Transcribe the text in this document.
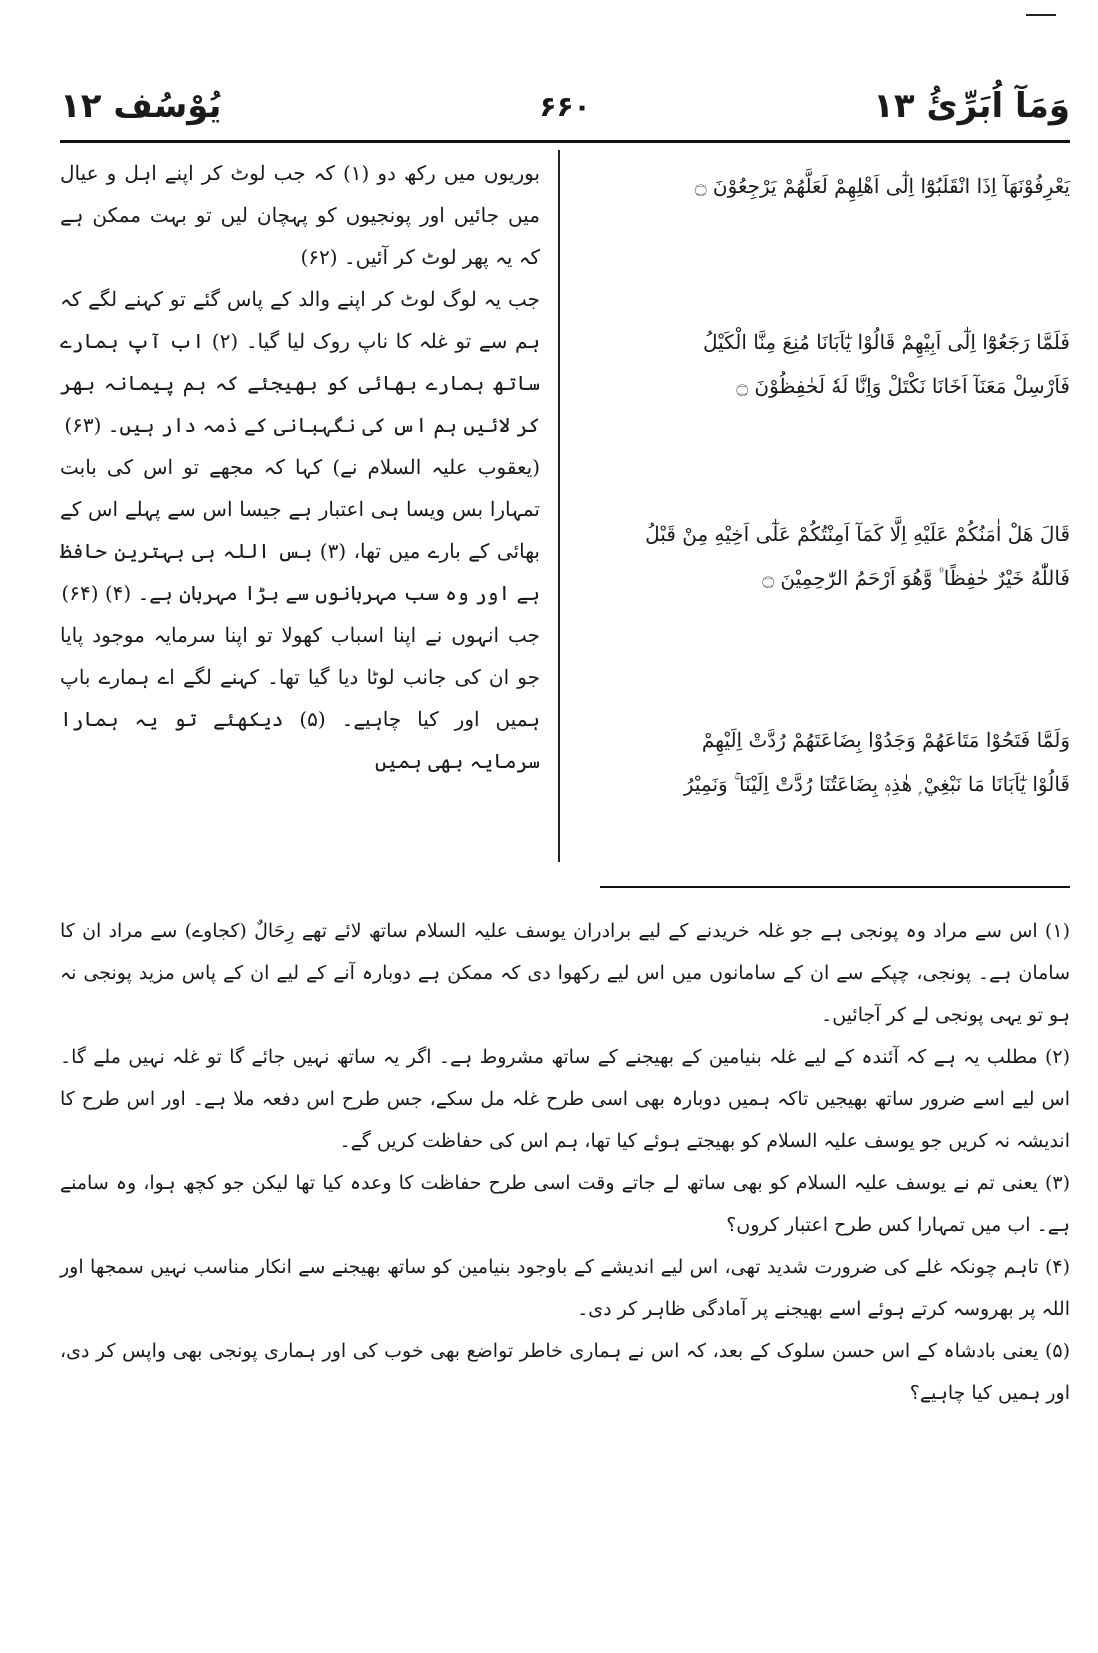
یُوْسُف ۱۲	۶۶۰	وَمَآ اُبَرِّئُ ۱۳
يَعْرِفُوْنَهَآ اِذَا انْقَلَبُوْٓا اِلٰٓى اَهْلِهِمْ لَعَلَّهُمْ يَرْجِعُوْنَ ۝
فَلَمَّا رَجَعُوْٓا اِلٰٓى اَبِيْهِمْ قَالُوْا يٰٓاَبَانَا مُنِعَ مِنَّا الْكَيْلُ
فَاَرْسِلْ مَعَنَآ اَخَانَا نَكْتَلْ وَاِنَّا لَهٗ لَحٰفِظُوْنَ ۝
قَالَ هَلْ اٰمَنُكُمْ عَلَيْهِ اِلَّا كَمَآ اَمِنْتُكُمْ عَلٰٓى اَخِيْهِ مِنْ قَبْلُ
فَاللّٰهُ خَيْرٌ حٰفِظًا ۠ وَّهُوَ اَرْحَمُ الرّٰحِمِيْنَ ۝
وَلَمَّا فَتَحُوْا مَتَاعَهُمْ وَجَدُوْا بِضَاعَتَهُمْ رُدَّتْ اِلَيْهِمْ
قَالُوْا يٰٓاَبَانَا مَا نَبْغِيْ ۭ هٰذِهٖ بِضَاعَتُنَا رُدَّتْ اِلَيْنَا ۚ وَنَمِيْرُ
بوریوں میں رکھ دو (۱) کہ جب لوٹ کر اپنے اہل و عیال میں جائیں اور پونجیوں کو پہچان لیں تو بہت ممکن ہے کہ یہ پھر لوٹ کر آئیں۔ (۶۲)
جب یہ لوگ لوٹ کر اپنے والد کے پاس گئے تو کہنے لگے کہ ہم سے تو غلہ کا ناپ روک لیا گیا۔ (۲) اب آپ ہمارے ساتھ ہمارے بھائی کو بھیجئے کہ ہم پیمانہ بھر کر لائیں ہم اس کی نگہبانی کے ذمہ دار ہیں۔ (۶۳)
(یعقوب علیہ السلام نے) کہا کہ مجھے تو اس کی بابت تمہارا بس ویسا ہی اعتبار ہے جیسا اس سے پہلے اس کے بھائی کے بارے میں تھا، (۳) بس اللہ ہی بہترین حافظ ہے اور وہ سب مہربانوں سے بڑا مہربان ہے۔ (۴) (۶۴)
جب انہوں نے اپنا اسباب کھولا تو اپنا سرمایہ موجود پایا جو ان کی جانب لوٹا دیا گیا تھا۔ کہنے لگے اے ہمارے باپ ہمیں اور کیا چاہیے۔ (۵) دیکھئے تو یہ ہمارا سرمایہ بھی ہمیں
(۱) اس سے مراد وہ پونجی ہے جو غلہ خریدنے کے لیے برادران یوسف علیہ السلام ساتھ لائے تھے رِحَالٌ (کجاوے) سے مراد ان کا سامان ہے۔ پونجی، چپکے سے ان کے سامانوں میں اس لیے رکھوا دی کہ ممکن ہے دوبارہ آنے کے لیے ان کے پاس مزید پونجی نہ ہو تو یہی پونجی لے کر آجائیں۔
(۲) مطلب یہ ہے کہ آئندہ کے لیے غلہ بنیامین کے بھیجنے کے ساتھ مشروط ہے۔ اگر یہ ساتھ نہیں جائے گا تو غلہ نہیں ملے گا۔ اس لیے اسے ضرور ساتھ بھیجیں تاکہ ہمیں دوبارہ بھی اسی طرح غلہ مل سکے، جس طرح اس دفعہ ملا ہے۔ اور اس طرح کا اندیشہ نہ کریں جو یوسف علیہ السلام کو بھیجتے ہوئے کیا تھا، ہم اس کی حفاظت کریں گے۔
(۳) یعنی تم نے یوسف علیہ السلام کو بھی ساتھ لے جاتے وقت اسی طرح حفاظت کا وعدہ کیا تھا لیکن جو کچھ ہوا، وہ سامنے ہے۔ اب میں تمہارا کس طرح اعتبار کروں؟
(۴) تاہم چونکہ غلے کی ضرورت شدید تھی، اس لیے اندیشے کے باوجود بنیامین کو ساتھ بھیجنے سے انکار مناسب نہیں سمجھا اور اللہ پر بھروسہ کرتے ہوئے اسے بھیجنے پر آمادگی ظاہر کر دی۔
(۵) یعنی بادشاہ کے اس حسن سلوک کے بعد، کہ اس نے ہماری خاطر تواضع بھی خوب کی اور ہماری پونجی بھی واپس کر دی، اور ہمیں کیا چاہیے؟
